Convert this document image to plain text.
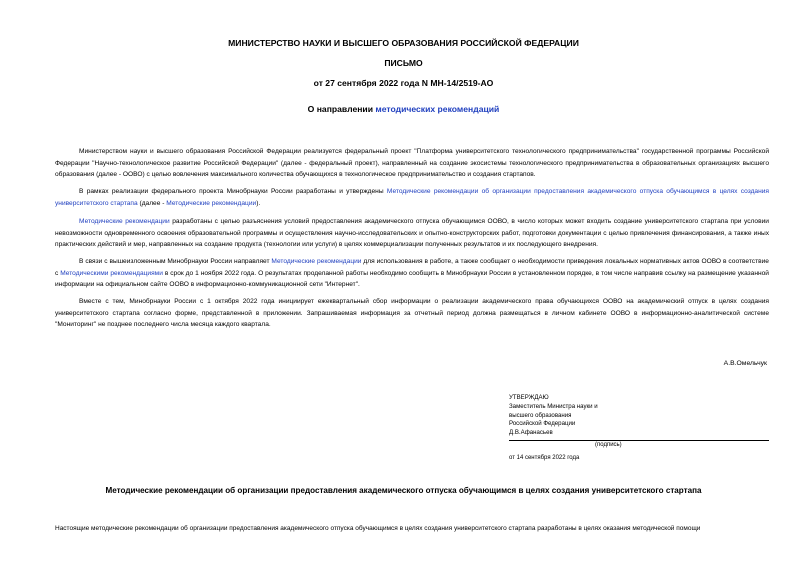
МИНИСТЕРСТВО НАУКИ И ВЫСШЕГО ОБРАЗОВАНИЯ РОССИЙСКОЙ ФЕДЕРАЦИИ
ПИСЬМО
от 27 сентября 2022 года N МН-14/2519-АО
О направлении методических рекомендаций
Министерством науки и высшего образования Российской Федерации реализуется федеральный проект "Платформа университетского технологического предпринимательства" государственной программы Российской Федерации "Научно-технологическое развитие Российской Федерации" (далее - федеральный проект), направленный на создание экосистемы технологического предпринимательства в образовательных организациях высшего образования (далее - ООВО) с целью вовлечения максимального количества обучающихся в технологическое предпринимательство и создания стартапов.
В рамках реализации федерального проекта Минобрнауки России разработаны и утверждены Методические рекомендации об организации предоставления академического отпуска обучающимся в целях создания университетского стартапа (далее - Методические рекомендации).
Методические рекомендации разработаны с целью разъяснения условий предоставления академического отпуска обучающимся ООВО, в число которых может входить создание университетского стартапа при условии невозможности одновременного освоения образовательной программы и осуществления научно-исследовательских и опытно-конструкторских работ, подготовки документации с целью привлечения финансирования, а также иных практических действий и мер, направленных на создание продукта (технологии или услуги) в целях коммерциализации полученных результатов и их последующего внедрения.
В связи с вышеизложенным Минобрнауки России направляет Методические рекомендации для использования в работе, а также сообщает о необходимости приведения локальных нормативных актов ООВО в соответствие с Методическими рекомендациями в срок до 1 ноября 2022 года. О результатах проделанной работы необходимо сообщить в Минобрнауки России в установленном порядке, в том числе направив ссылку на размещение указанной информации на официальном сайте ООВО в информационно-коммуникационной сети "Интернет".
Вместе с тем, Минобрнауки России с 1 октября 2022 года инициирует ежеквартальный сбор информации о реализации академического права обучающихся ООВО на академический отпуск в целях создания университетского стартапа согласно форме, представленной в приложении. Запрашиваемая информация за отчетный период должна размещаться в личном кабинете ООВО в информационно-аналитической системе "Мониторинг" не позднее последнего числа месяца каждого квартала.
А.В.Омельчук
УТВЕРЖДАЮ
Заместитель Министра науки и
высшего образования
Российской Федерации
Д.В.Афанасьев
(подпись)
от 14 сентября 2022 года
Методические рекомендации об организации предоставления академического отпуска обучающимся в целях создания университетского стартапа
Настоящие методические рекомендации об организации предоставления академического отпуска обучающимся в целях создания университетского стартапа разработаны в целях оказания методической помощи
